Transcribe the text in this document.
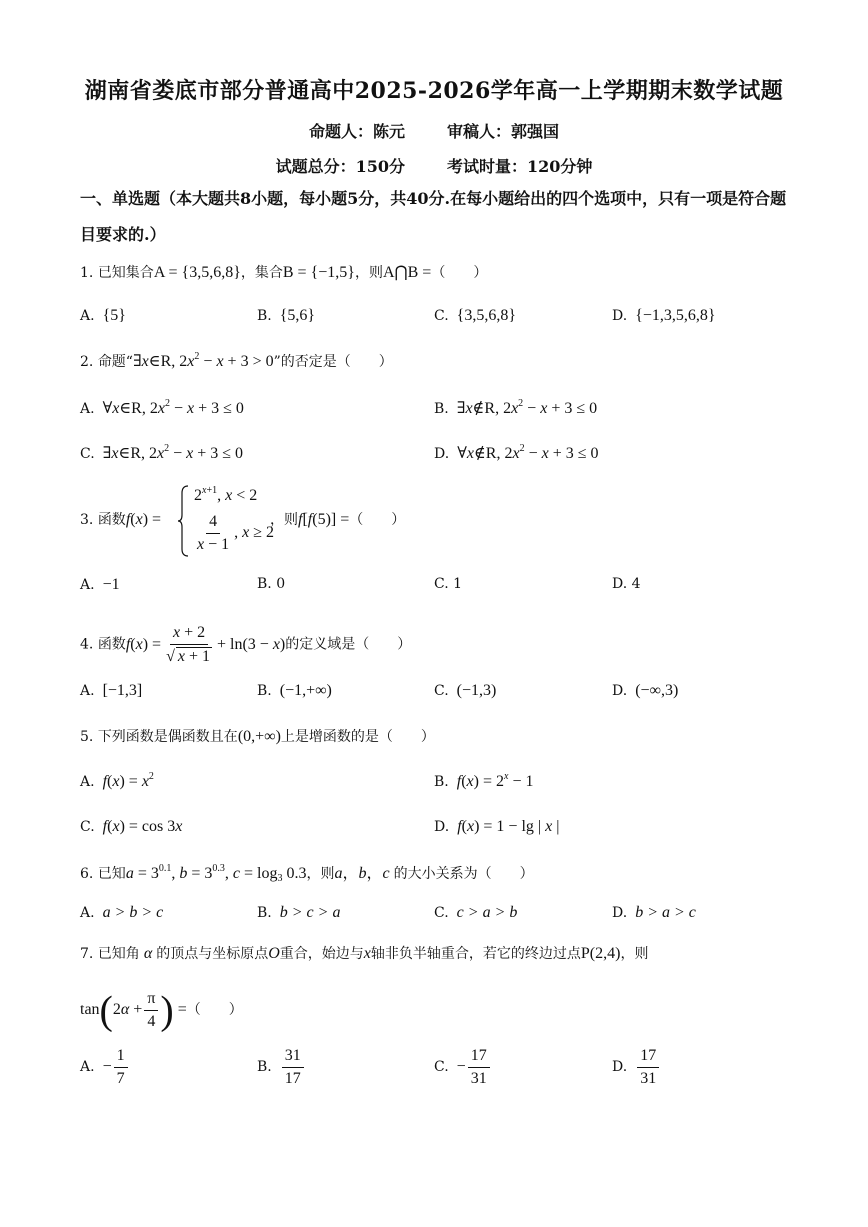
湖南省娄底市部分普通高中2025-2026学年高一上学期期末数学试题
命题人：陈元	审稿人：郭强国
试题总分：150分	考试时量：120分钟
一、单选题（本大题共8小题，每小题5分，共40分.在每小题给出的四个选项中，只有一项是符合题目要求的.）
1. 已知集合A = {3,5,6,8}，集合B = {−1,5}，则A⋂B =（　　）
A. {5}	B. {5,6}	C. {3,5,6,8}	D. {−1,3,5,6,8}
2. 命题“∃x∈R, $2x^2 - x + 3 > 0$”的否定是（　　）
A. ∀x∈R, $2x^2 - x + 3 \le 0$	B. ∃x∉R, $2x^2 - x + 3 \le 0$
C. ∃x∈R, $2x^2 - x + 3 \le 0$	D. ∀x∉R, $2x^2 - x + 3 \le 0$
3. 函数f(x) =
$2^{x+1}$, x < 2
$\frac{4}{x - 1}$ , x ≥ 2
，则f[f(5)] =（　　）
A. −1	B. 0	C. 1	D. 4
4. 函数$f(x) = \frac{x + 2}{√ x + 1} + \ln(3 - x)$的定义域是（　　）
A. [−1,3]	B. (−1,+∞)	C. (−1,3)	D. (−∞,3)
5. 下列函数是偶函数且在(0,+∞)上是增函数的是（　　）
A. $f(x) = x^2$	B. $f(x) = 2^x - 1$
C. f(x) = cos 3x	D. f(x) = 1 − lg | x |
6. 已知$a = 3^{0.1}$, $b = 3^{0.3}$, $c = \log_3 0.3$，则a，b，c 的大小关系为（　　）
A. a > b > c	B. b > c > a	C. c > a > b	D. b > a > c
7. 已知角 α 的顶点与坐标原点O重合，始边与x轴非负半轴重合，若它的终边过点P(2,4)，则
$\tan(2\alpha + \frac{\pi}{4}$ ) =（　　）
A. − $\frac{1}{7}$	B. $\frac{31}{17}$	C. − $\frac{17}{31}$	D. $\frac{17}{31}$
